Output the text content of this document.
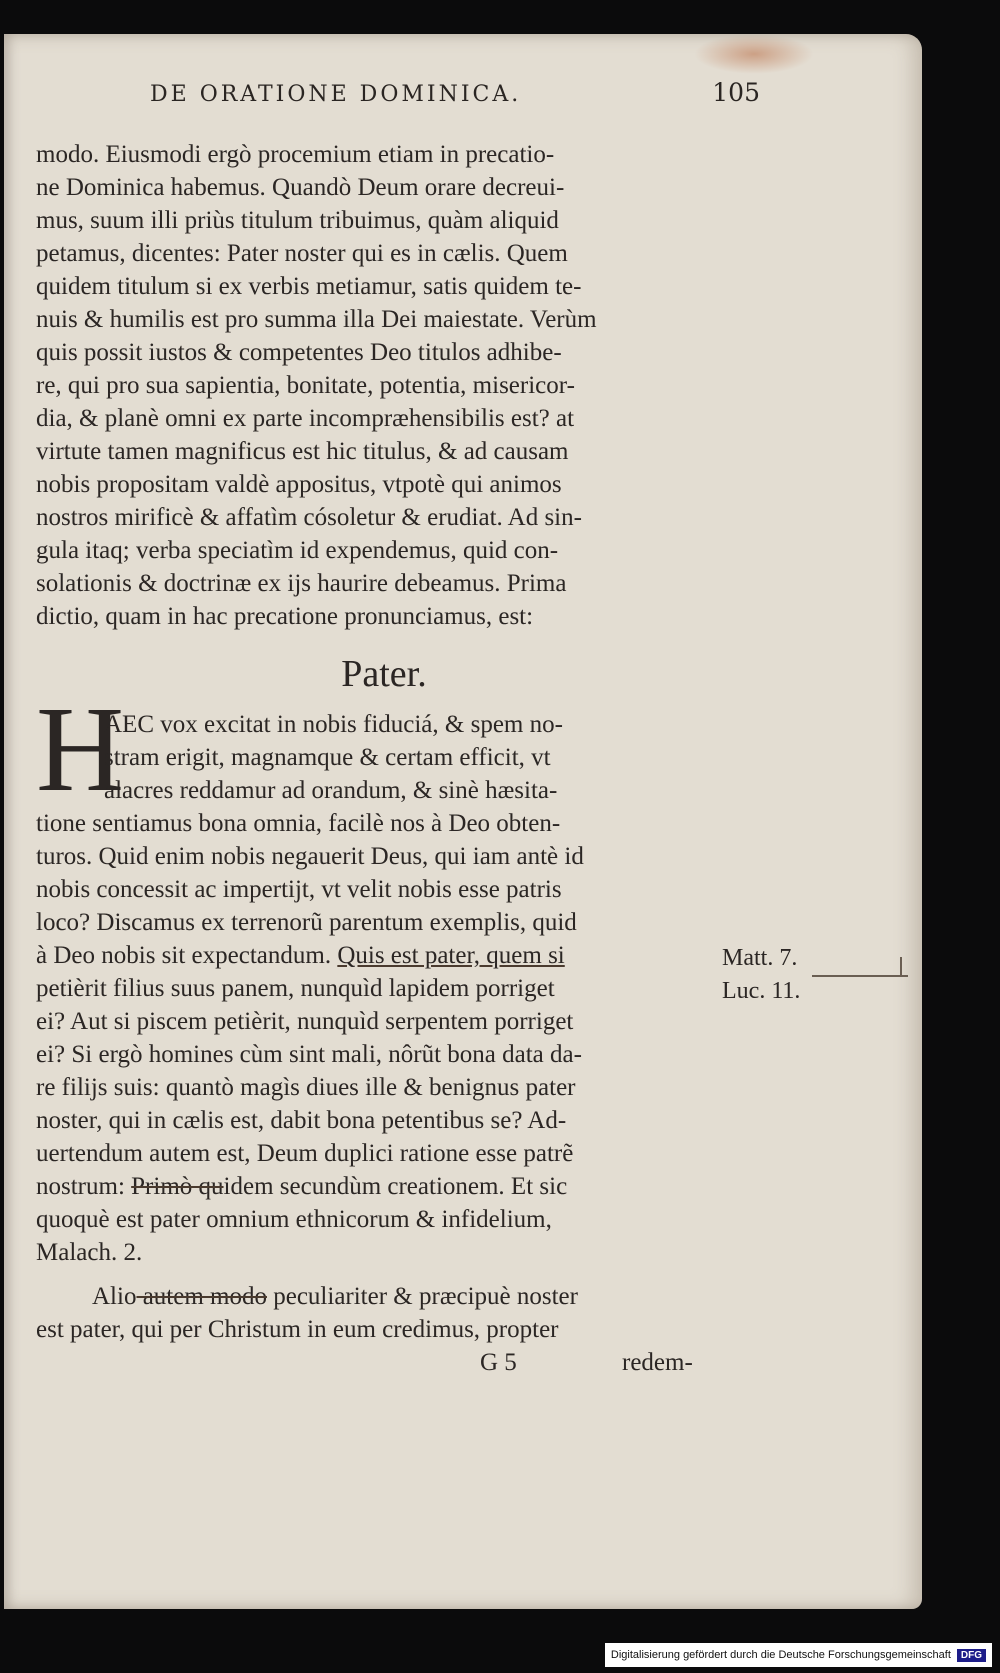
DE ORATIONE DOMINICA.	105
modo. Eiusmodi ergò procemium etiam in precatio-
ne Dominica habemus. Quandò Deum orare decreui-
mus, suum illi priùs titulum tribuimus, quàm aliquid
petamus, dicentes: Pater noster qui es in cælis. Quem
quidem titulum si ex verbis metiamur, satis quidem te-
nuis & humilis est pro summa illa Dei maiestate. Verùm
quis possit iustos & competentes Deo titulos adhibe-
re, qui pro sua sapientia, bonitate, potentia, misericor-
dia, & planè omni ex parte incompræhensibilis est? at
virtute tamen magnificus est hic titulus, & ad causam
nobis propositam valdè appositus, vtpotè qui animos
nostros mirificè & affatìm cósoletur & erudiat. Ad sin-
gula itaq; verba speciatìm id expendemus, quid con-
solationis & doctrinæ ex ijs haurire debeamus. Prima
dictio, quam in hac precatione pronunciamus, est:
Pater.
H
AEC vox excitat in nobis fiduciá, & spem no-
stram erigit, magnamque & certam efficit, vt
alacres reddamur ad orandum, & sinè hæsita-
tione sentiamus bona omnia, facilè nos à Deo obten-
turos. Quid enim nobis negauerit Deus, qui iam antè id
nobis concessit ac impertijt, vt velit nobis esse patris
loco? Discamus ex terrenorũ parentum exemplis, quid
à Deo nobis sit expectandum. Quis est pater, quem si
petièrit filius suus panem, nunquìd lapidem porriget
ei? Aut si piscem petièrit, nunquìd serpentem porriget
ei? Si ergò homines cùm sint mali, nôrũt bona data da-
re filijs suis: quantò magìs diues ille & benignus pater
noster, qui in cælis est, dabit bona petentibus se? Ad-
uertendum autem est, Deum duplici ratione esse patrẽ
nostrum: Primò quidem secundùm creationem. Et sic
quoquè est pater omnium ethnicorum & infidelium,
Malach. 2.
Alio autem modo peculiariter & præcipuè noster
est pater, qui per Christum in eum credimus, propter
G 5	redem-
Matt. 7.
Luc. 11.
Digitalisierung gefördert durch die Deutsche Forschungsgemeinschaft	DFG
